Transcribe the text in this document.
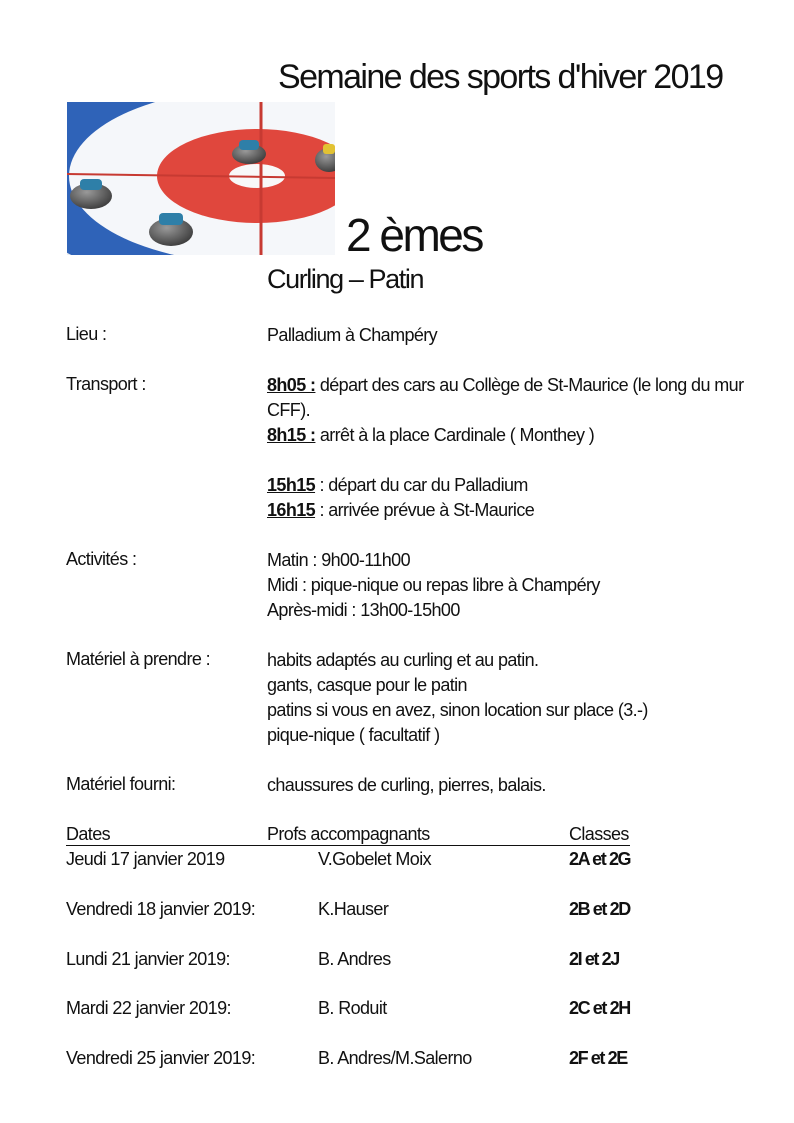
Semaine des sports d'hiver 2019
2 èmes
Curling – Patin
Lieu :	Palladium à Champéry
Transport :	8h05 : départ des cars au Collège de St-Maurice (le long du mur CFF).
8h15 : arrêt à la place Cardinale ( Monthey )
15h15 : départ du car du Palladium
16h15 : arrivée prévue à St-Maurice
Activités :	Matin : 9h00-11h00
Midi : pique-nique ou repas libre à Champéry
Après-midi : 13h00-15h00
Matériel à prendre :	habits adaptés au curling et au patin.
gants, casque pour le patin
patins si vous en avez, sinon location sur place (3.-)
pique-nique ( facultatif )
Matériel fourni:	chaussures de curling, pierres, balais.
Dates	Profs accompagnants	Classes
Jeudi 17 janvier 2019	V.Gobelet Moix	2A et 2G
Vendredi 18 janvier 2019:	K.Hauser	2B et 2D
Lundi 21 janvier 2019:	B. Andres	2I et 2J
Mardi 22 janvier 2019:	B. Roduit	2C et 2H
Vendredi 25 janvier 2019:	B. Andres/M.Salerno	2F et 2E
